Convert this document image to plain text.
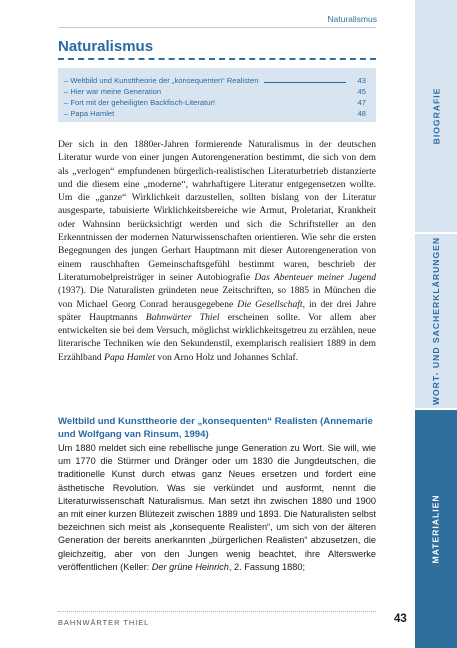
Naturalismus
Naturalismus
– Weltbild und Kunsttheorie der „konsequenten“ Realisten	43
– Hier war meine Generation	45
– Fort mit der geheiligten Backfisch-Literatur!	47
– Papa Hamlet	48

Der sich in den 1880er-Jahren formierende Naturalismus in der deutschen Literatur wurde von einer jungen Autorengeneration bestimmt, die sich von dem als „verlogen“ empfundenen bürgerlich-realistischen Literaturbetrieb distanzierte und die diesem eine „moderne“, wahrhaftigere Literatur entgegensetzen wollte. Um die „ganze“ Wirklichkeit darzustellen, sollten bislang von der Literatur ausgesparte, tabuisierte Wirklichkeitsbereiche wie Armut, Proletariat, Krankheit oder Wahnsinn berücksichtigt werden und sich die Schriftsteller an den Erkenntnissen der modernen Naturwissenschaften orientieren. Wie sehr die ersten Begegnungen des jungen Gerhart Hauptmann mit dieser Autorengeneration von einem rauschhaften Gemeinschaftsgefühl bestimmt waren, beschrieb der Literaturnobelpreisträger in seiner Autobiografie Das Abenteuer meiner Jugend (1937). Die Naturalisten gründeten neue Zeitschriften, so 1885 in München die von Michael Georg Conrad herausgegebene Die Gesellschaft, in der drei Jahre später Hauptmanns Bahnwärter Thiel erscheinen sollte. Vor allem aber entwickelten sie bei dem Versuch, möglichst wirklichkeitsgetreu zu erzählen, neue literarische Techniken wie den Sekundenstil, exemplarisch realisiert 1889 in dem Erzählband Papa Hamlet von Arno Holz und Johannes Schlaf.

Weltbild und Kunsttheorie der „konsequenten“ Realisten (Annemarie und Wolfgang van Rinsum, 1994)

Um 1880 meldet sich eine rebellische junge Generation zu Wort. Sie will, wie um 1770 die Stürmer und Dränger oder um 1830 die Jungdeutschen, die traditionelle Kunst durch etwas ganz Neues ersetzen und fordert eine ästhetische Revolution. Was sie verkündet und ausformt, nennt die Literaturwissenschaft Naturalismus. Man setzt ihn zwischen 1880 und 1900 an mit einer kurzen Blütezeit zwischen 1889 und 1893. Die Naturalisten selbst bezeichnen sich meist als „konsequente Realisten“, um sich von der älteren Generation der bereits anerkannten „bürgerlichen Realisten“ abzusetzen, die gleichzeitig, aber von den Jungen wenig beachtet, ihre Alterswerke veröffentlichen (Keller: Der grüne Heinrich, 2. Fassung 1880;

BAHNWÄRTER THIEL	43
BIOGRAFIE
WORT- UND SACHERKLÄRUNGEN
MATERIALIEN
